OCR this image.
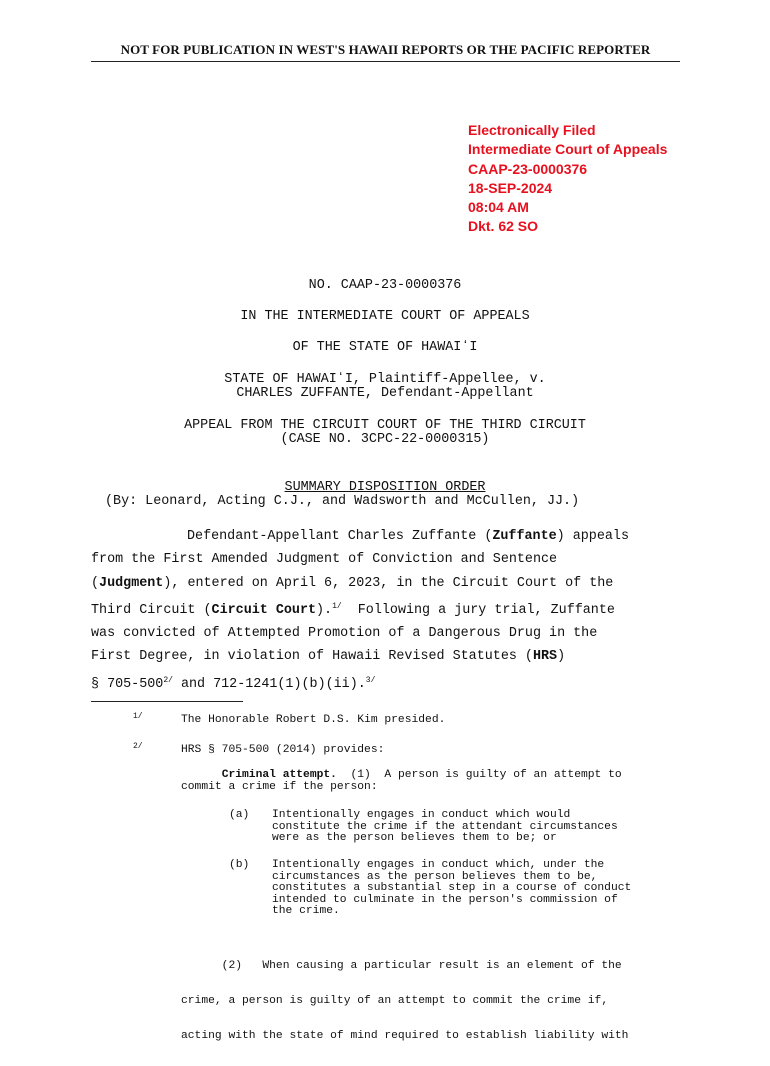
NOT FOR PUBLICATION IN WEST'S HAWAII REPORTS OR THE PACIFIC REPORTER
Electronically Filed
Intermediate Court of Appeals
CAAP-23-0000376
18-SEP-2024
08:04 AM
Dkt. 62 SO
NO. CAAP-23-0000376
IN THE INTERMEDIATE COURT OF APPEALS
OF THE STATE OF HAWAIʻI
STATE OF HAWAIʻI, Plaintiff-Appellee, v.
CHARLES ZUFFANTE, Defendant-Appellant
APPEAL FROM THE CIRCUIT COURT OF THE THIRD CIRCUIT
(CASE NO. 3CPC-22-0000315)
SUMMARY DISPOSITION ORDER
(By: Leonard, Acting C.J., and Wadsworth and McCullen, JJ.)
Defendant-Appellant Charles Zuffante (Zuffante) appeals
from the First Amended Judgment of Conviction and Sentence
(Judgment), entered on April 6, 2023, in the Circuit Court of the
Third Circuit (Circuit Court).$^{1/}$  Following a jury trial, Zuffante
was convicted of Attempted Promotion of a Dangerous Drug in the
First Degree, in violation of Hawaii Revised Statutes (HRS)
§ $705-500^{2/}$ and 712-1241(1)(b)(ii).$^{3/}$
1/	The Honorable Robert D.S. Kim presided.
2/	HRS § 705-500 (2014) provides:
Criminal attempt.  (1)  A person is guilty of an attempt to
commit a crime if the person:
(a) Intentionally engages in conduct which would
constitute the crime if the attendant circumstances
were as the person believes them to be; or
(b) Intentionally engages in conduct which, under the
circumstances as the person believes them to be,
constitutes a substantial step in a course of conduct
intended to culminate in the person's commission of
the crime.

(2)   When causing a particular result is an element of the

crime, a person is guilty of an attempt to commit the crime if,

acting with the state of mind required to establish liability with
